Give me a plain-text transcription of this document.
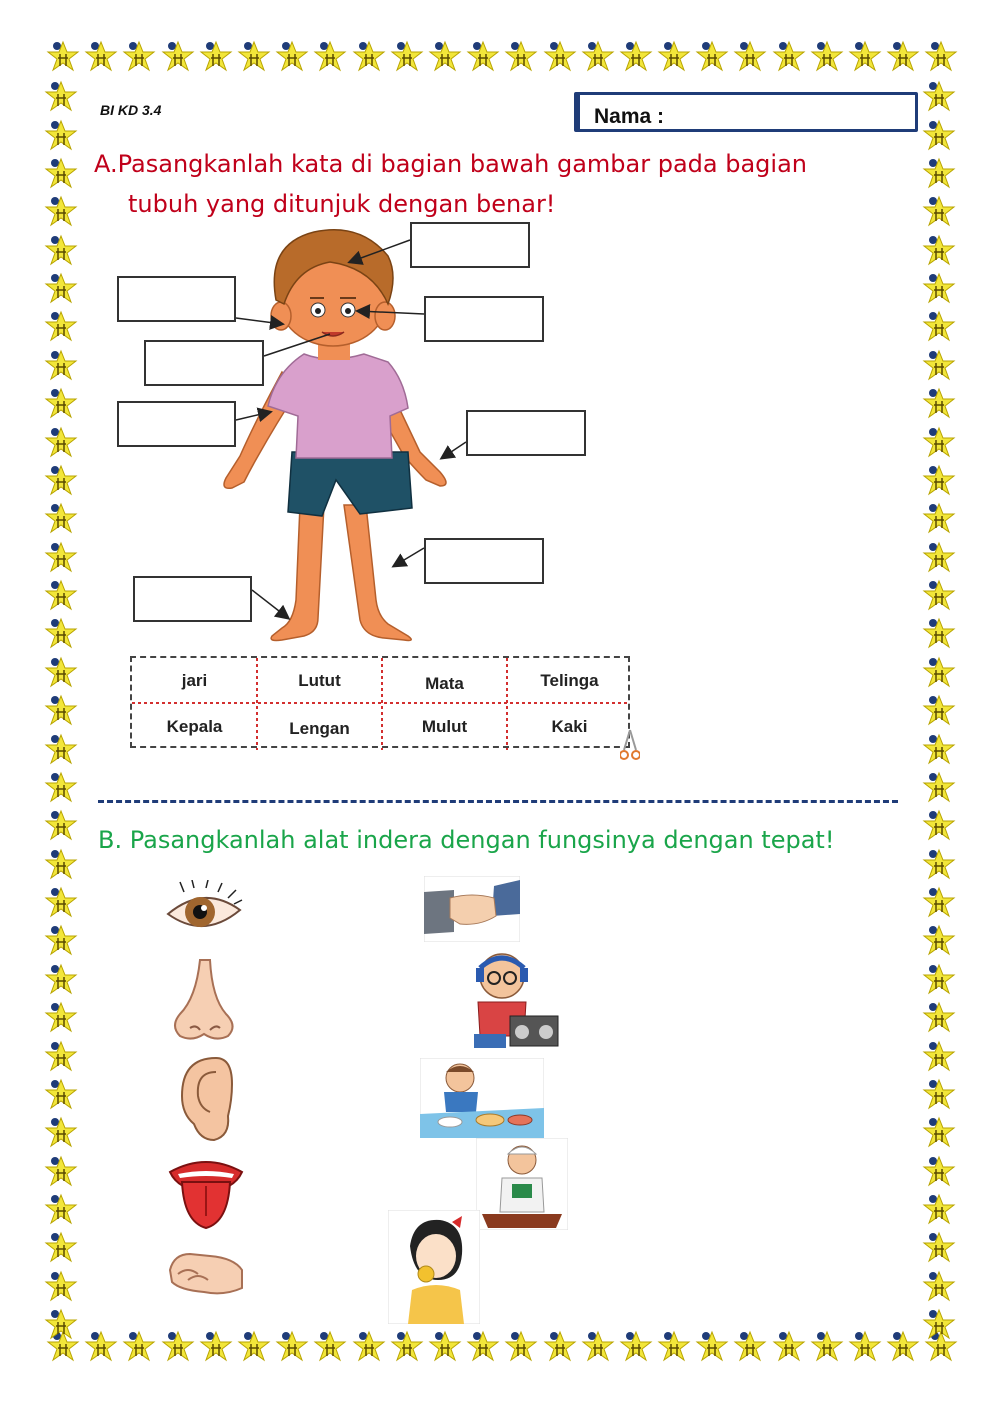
BI KD 3.4	Nama :
A.Pasangkanlah kata di bagian bawah gambar pada bagian
tubuh yang ditunjuk dengan benar!
jari	Lutut	Mata	Telinga
Kepala	Lengan	Mulut	Kaki
B. Pasangkanlah alat indera dengan fungsinya dengan tepat!
